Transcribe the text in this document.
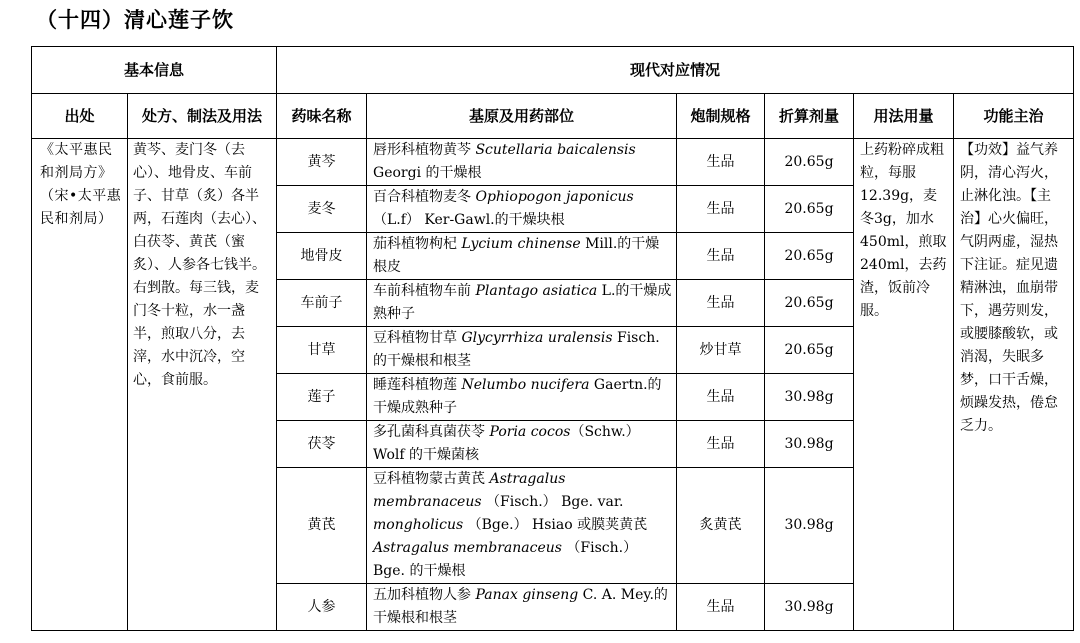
（十四）清心莲子饮
基本信息		现代对应情况					
出处	处方、制法及用法	药味名称	基原及用药部位	炮制规格	折算剂量	用法用量	功能主治
《太平惠民和剂局方》（宋•太平惠民和剂局）	黄芩、麦门冬（去心）、地骨皮、车前子、甘草（炙）各半两，石莲肉（去心）、白茯苓、黄芪（蜜炙）、人参各七钱半。右剉散。每三钱，麦门冬十粒，水一盏半，煎取八分，去滓，水中沉冷，空心，食前服。	黄芩	唇形科植物黄芩 Scutellaria baicalensis Georgi 的干燥根	生品	20.65g	上药粉碎成粗粒，每服12.39g，麦冬3g，加水450ml，煎取240ml，去药渣，饭前冷服。	【功效】益气养阴，清心泻火，止淋化浊。【主治】心火偏旺，气阴两虚，湿热下注证。症见遗精淋浊，血崩带下，遇劳则发，或腰膝酸软，或消渴，失眠多梦，口干舌燥，烦躁发热，倦怠乏力。
		麦冬	百合科植物麦冬 Ophiopogon japonicus （L.f） Ker-Gawl.的干燥块根	生品	20.65g		
		地骨皮	茄科植物枸杞 Lycium chinense Mill.的干燥根皮	生品	20.65g		
		车前子	车前科植物车前 Plantago asiatica L.的干燥成熟种子	生品	20.65g		
		甘草	豆科植物甘草 Glycyrrhiza uralensis Fisch.的干燥根和根茎	炒甘草	20.65g		
		莲子	睡莲科植物莲 Nelumbo nucifera Gaertn.的干燥成熟种子	生品	30.98g		
		茯苓	多孔菌科真菌茯苓 Poria cocos（Schw.） Wolf 的干燥菌核	生品	30.98g		
		黄芪	豆科植物蒙古黄芪 Astragalus membranaceus （Fisch.） Bge. var. mongholicus （Bge.） Hsiao 或膜荚黄芪 Astragalus membranaceus （Fisch.） Bge. 的干燥根	炙黄芪	30.98g		
		人参	五加科植物人参 Panax ginseng C. A. Mey.的干燥根和根茎	生品	30.98g		
